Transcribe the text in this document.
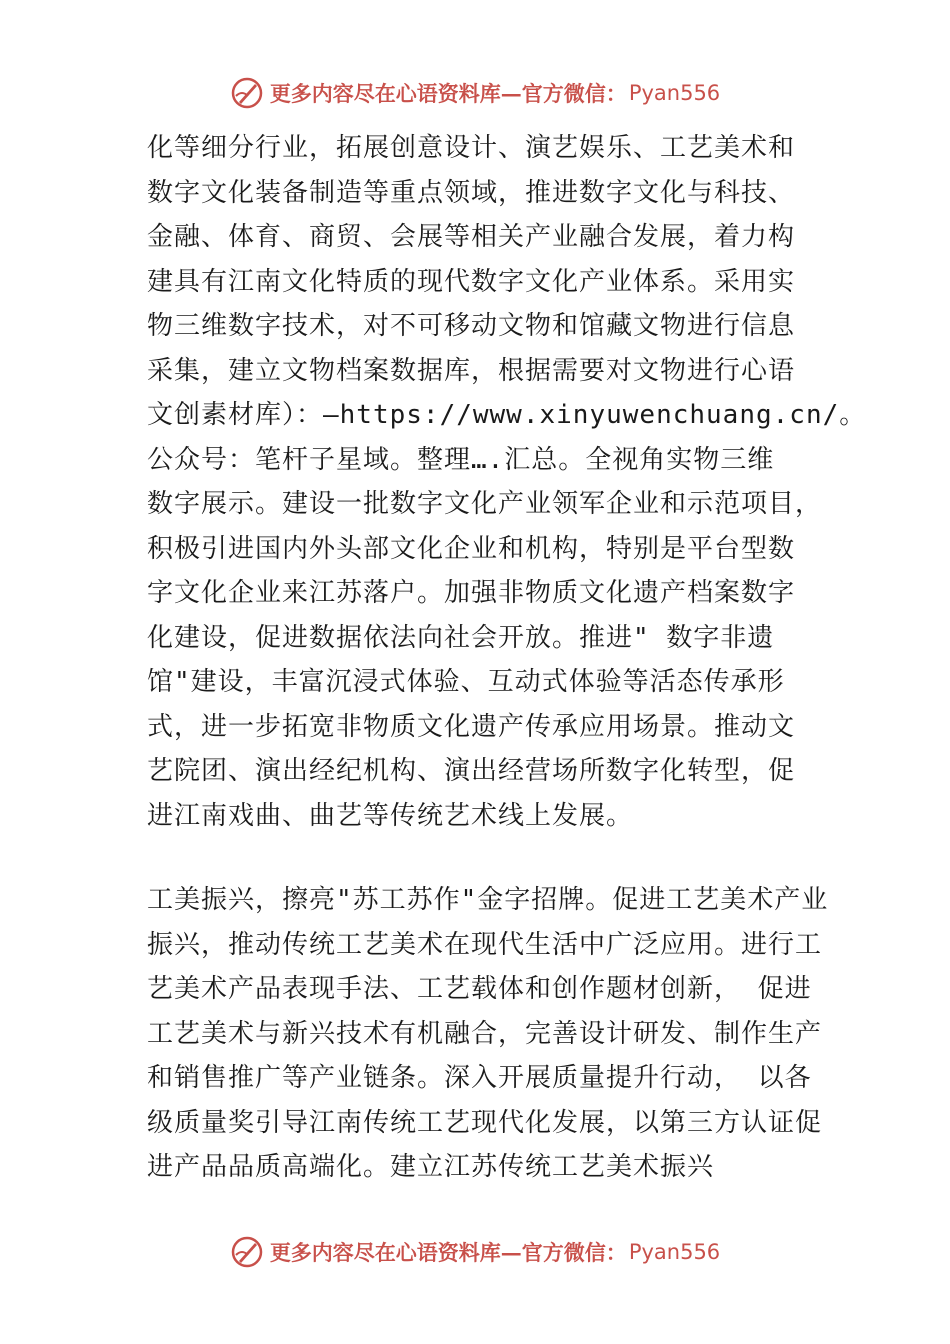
更多内容尽在心语资料库—官方微信： Pyan556
化等细分行业，拓展创意设计、演艺娱乐、工艺美术和
数字文化装备制造等重点领域，推进数字文化与科技、
金融、体育、商贸、会展等相关产业融合发展，着力构
建具有江南文化特质的现代数字文化产业体系。采用实
物三维数字技术，对不可移动文物和馆藏文物进行信息
采集，建立文物档案数据库，根据需要对文物进行心语
文创素材库）：—https://www.xinyuwenchuang.cn/。
公众号：笔杆子星域。整理….汇总。全视角实物三维
数字展示。建设一批数字文化产业领军企业和示范项目，
积极引进国内外头部文化企业和机构，特别是平台型数
字文化企业来江苏落户。加强非物质文化遗产档案数字
化建设，促进数据依法向社会开放。推进" 数字非遗
馆"建设，丰富沉浸式体验、互动式体验等活态传承形
式，进一步拓宽非物质文化遗产传承应用场景。推动文
艺院团、演出经纪机构、演出经营场所数字化转型，促
进江南戏曲、曲艺等传统艺术线上发展。
工美振兴，擦亮"苏工苏作"金字招牌。促进工艺美术产业
振兴，推动传统工艺美术在现代生活中广泛应用。进行工
艺美术产品表现手法、工艺载体和创作题材创新， 促进
工艺美术与新兴技术有机融合，完善设计研发、制作生产
和销售推广等产业链条。深入开展质量提升行动， 以各
级质量奖引导江南传统工艺现代化发展，以第三方认证促
进产品品质高端化。建立江苏传统工艺美术振兴
更多内容尽在心语资料库—官方微信： Pyan556
